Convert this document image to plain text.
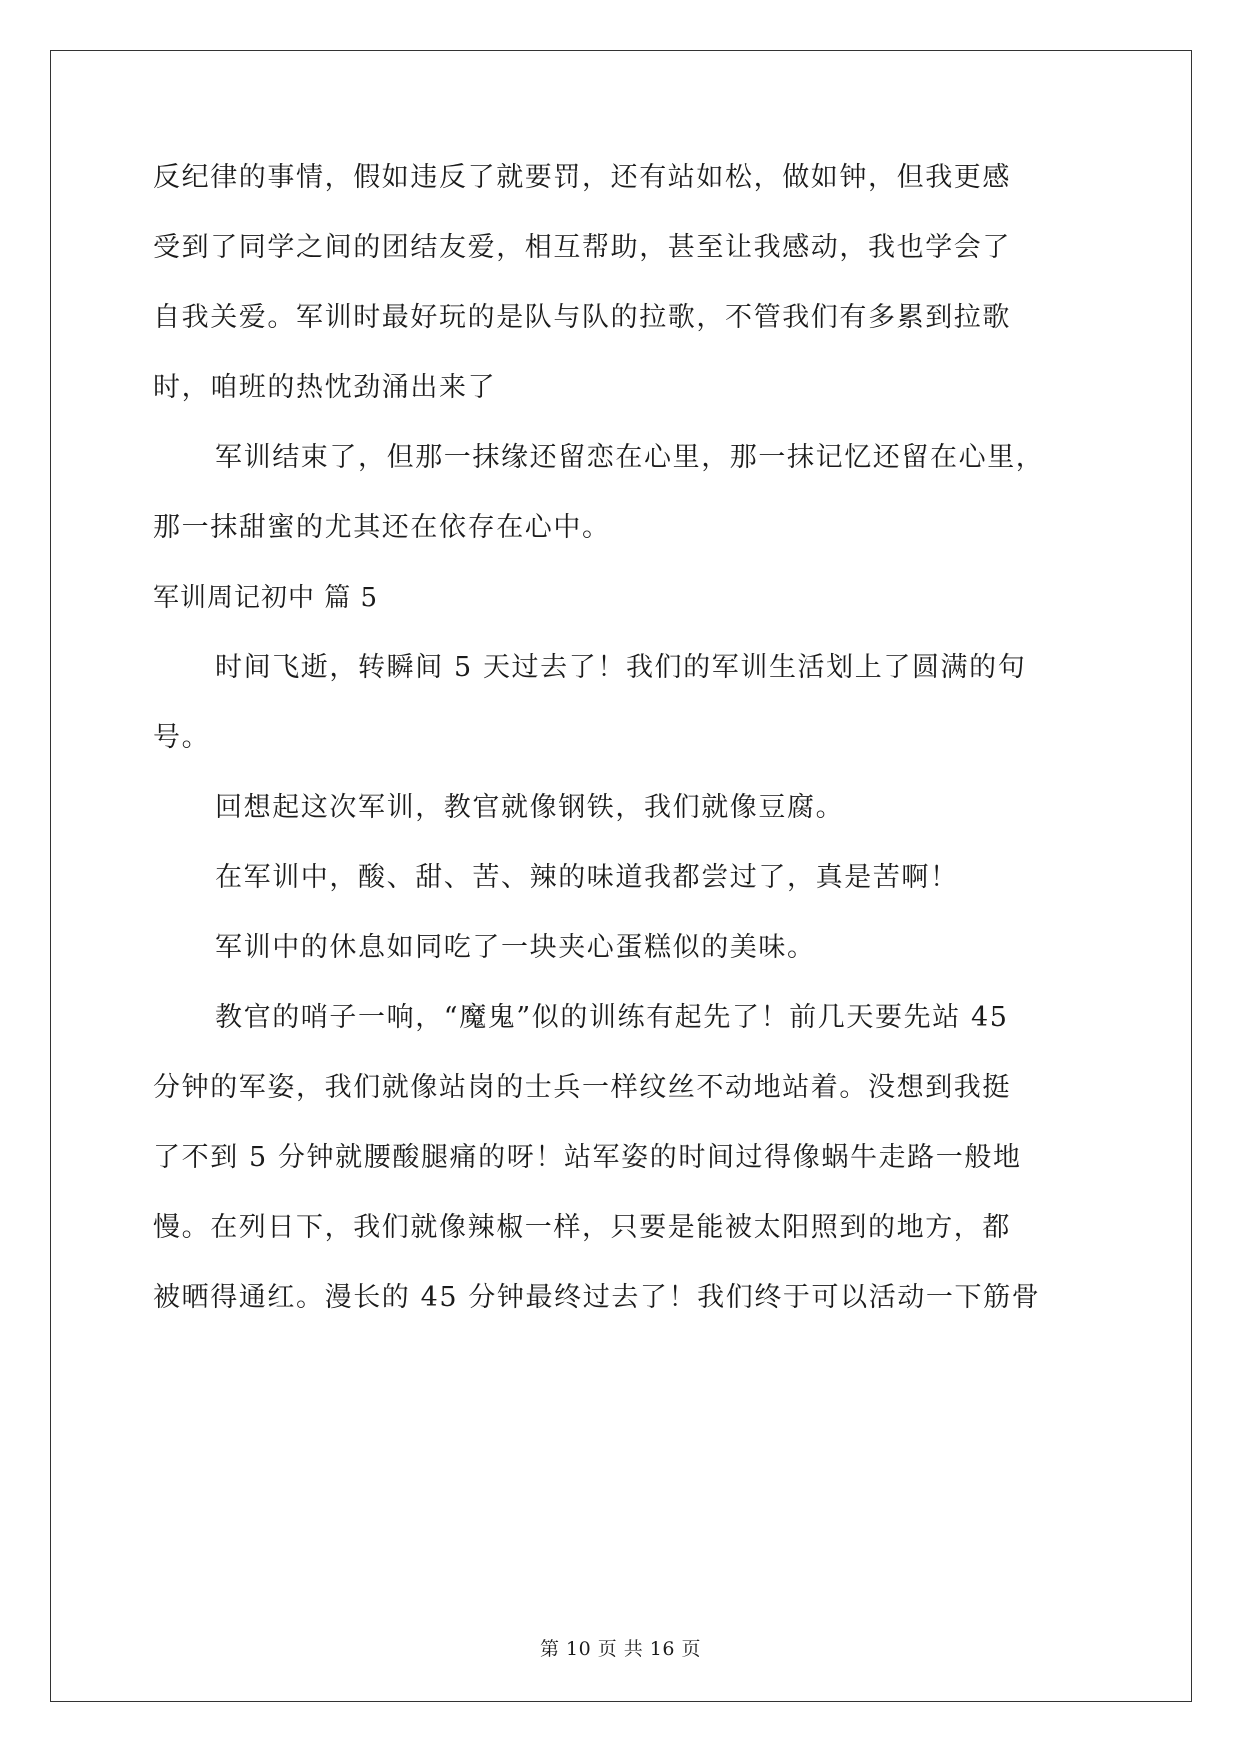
反纪律的事情，假如违反了就要罚，还有站如松，做如钟，但我更感
受到了同学之间的团结友爱，相互帮助，甚至让我感动，我也学会了
自我关爱。军训时最好玩的是队与队的拉歌，不管我们有多累到拉歌
时，咱班的热忱劲涌出来了
军训结束了，但那一抹缘还留恋在心里，那一抹记忆还留在心里，
那一抹甜蜜的尤其还在依存在心中。
军训周记初中 篇 5
时间飞逝，转瞬间 5 天过去了！我们的军训生活划上了圆满的句
号。
回想起这次军训，教官就像钢铁，我们就像豆腐。
在军训中，酸、甜、苦、辣的味道我都尝过了，真是苦啊！
军训中的休息如同吃了一块夹心蛋糕似的美味。
教官的哨子一响，“魔鬼”似的训练有起先了！前几天要先站 45
分钟的军姿，我们就像站岗的士兵一样纹丝不动地站着。没想到我挺
了不到 5 分钟就腰酸腿痛的呀！站军姿的时间过得像蜗牛走路一般地
慢。在列日下，我们就像辣椒一样，只要是能被太阳照到的地方，都
被晒得通红。漫长的 45 分钟最终过去了！我们终于可以活动一下筋骨
第 10 页 共 16 页
